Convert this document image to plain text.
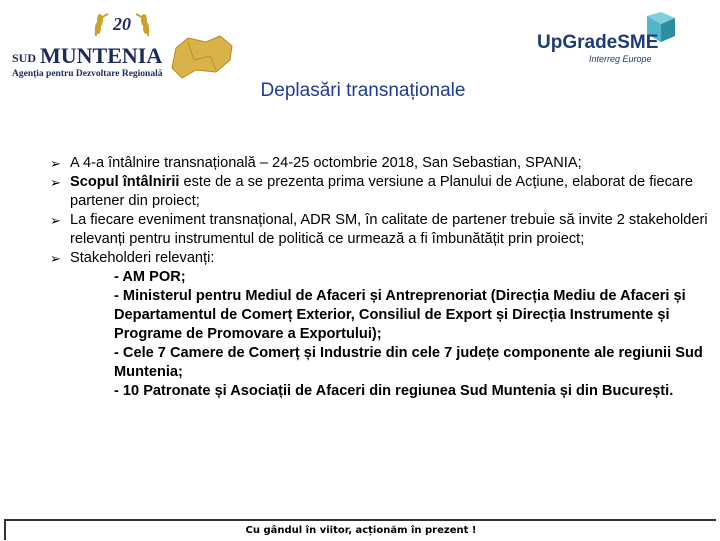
20
SUD MUNTENIA
Agenția pentru Dezvoltare Regională
UpGradeSME
Interreg Europe
Deplasări transnaționale
➢ A 4-a întâlnire transnațională – 24-25 octombrie 2018, San Sebastian, SPANIA;
➢ Scopul întâlnirii este de a se prezenta prima versiune a Planului de Acțiune, elaborat de fiecare partener din proiect;
➢ La fiecare eveniment transnațional, ADR SM, în calitate de partener trebuie să invite 2 stakeholderi relevanți pentru instrumentul de politică ce urmează a fi îmbunătățit prin proiect;
➢ Stakeholderi relevanți:

- AM POR;

- Ministerul pentru Mediul de Afaceri și Antreprenoriat (Direcția Mediu de Afaceri și Departamentul de Comerț Exterior, Consiliul de Export și Direcția Instrumente și Programe de Promovare a Exportului);

- Cele 7 Camere de Comerț și Industrie din cele 7 județe componente ale regiunii Sud Muntenia;

- 10 Patronate și Asociații de Afaceri din regiunea Sud Muntenia și din București.

Cu gândul în viitor, acționăm în prezent !
